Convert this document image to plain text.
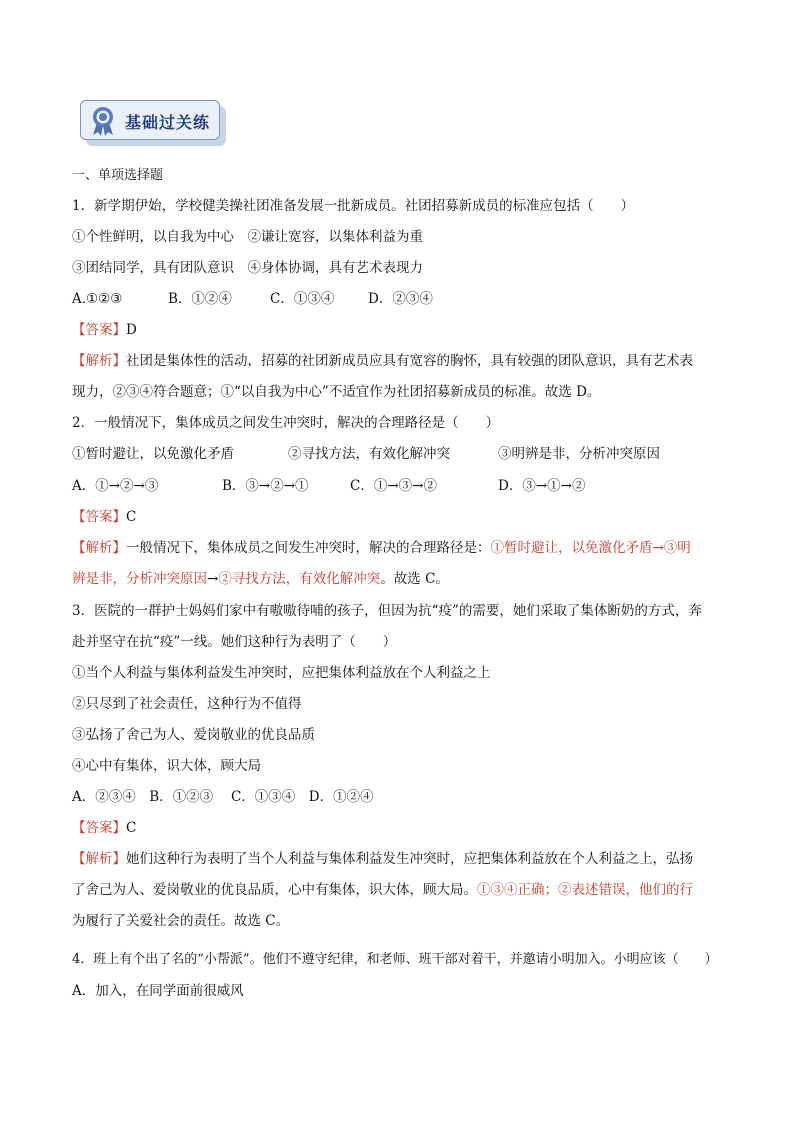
基础过关练
一、单项选择题
1．新学期伊始，学校健美操社团准备发展一批新成员。社团招募新成员的标准应包括（　　）
①个性鲜明，以自我为中心　②谦让宽容，以集体利益为重
③团结同学，具有团队意识　④身体协调，具有艺术表现力
A.①②③	B．①②④	C．①③④ D．②③④
【答案】D
【解析】社团是集体性的活动，招募的社团新成员应具有宽容的胸怀，具有较强的团队意识，具有艺术表
现力，②③④符合题意；①“以自我为中心”不适宜作为社团招募新成员的标准。故选 D。
2．一般情况下，集体成员之间发生冲突时，解决的合理路径是（　　）
①暂时避让，以免激化矛盾	②寻找方法，有效化解冲突	③明辨是非，分析冲突原因
A．①→②→③	B．③→②→①	C．①→③→②	D．③→①→②
【答案】C
【解析】一般情况下，集体成员之间发生冲突时，解决的合理路径是：①暂时避让，以免激化矛盾→③明
辨是非，分析冲突原因→②寻找方法，有效化解冲突。故选 C。
3．医院的一群护士妈妈们家中有嗷嗷待哺的孩子，但因为抗“疫”的需要，她们采取了集体断奶的方式，奔
赴并坚守在抗“疫”一线。她们这种行为表明了（　　）
①当个人利益与集体利益发生冲突时，应把集体利益放在个人利益之上
②只尽到了社会责任，这种行为不值得
③弘扬了舍己为人、爱岗敬业的优良品质
④心中有集体，识大体，顾大局
A．②③④　B．①②③　 C．①③④　D．①②④
【答案】C
【解析】她们这种行为表明了当个人利益与集体利益发生冲突时，应把集体利益放在个人利益之上，弘扬
了舍己为人、爱岗敬业的优良品质，心中有集体，识大体，顾大局。①③④正确；②表述错误，他们的行
为履行了关爱社会的责任。故选 C。
4．班上有个出了名的“小帮派”。他们不遵守纪律，和老师、班干部对着干，并邀请小明加入。小明应该（　　）
A．加入，在同学面前很威风
